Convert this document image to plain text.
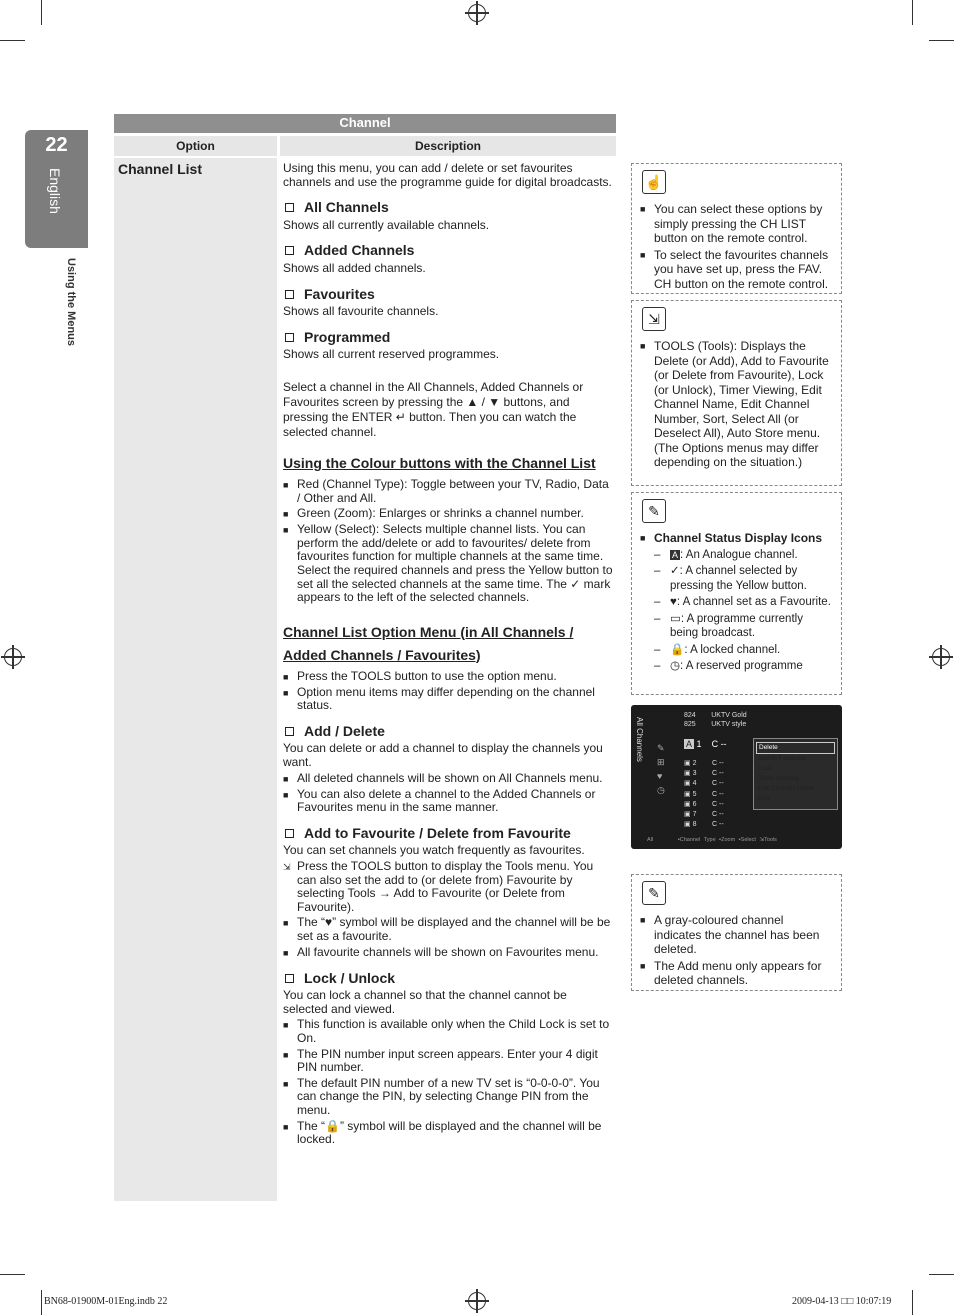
22
English
Using the Menus
Channel
Option	Description
Channel List	Using this menu, you can add / delete or set favourites channels and use the programme guide for digital broadcasts.

All Channels

Shows all currently available channels.

Added Channels

Shows all added channels.

Favourites

Shows all favourite channels.

Programmed

Shows all current reserved programmes.

Select a channel in the All Channels, Added Channels or Favourites screen by pressing the ▲ / ▼ buttons, and pressing the ENTER ↵ button. Then you can watch the selected channel.

Using the Colour buttons with the Channel List
■ Red (Channel Type): Toggle between your TV, Radio, Data / Other and All.
■ Green (Zoom): Enlarges or shrinks a channel number.
■ Yellow (Select): Selects multiple channel lists. You can perform the add/delete or add to favourites/ delete from favourites function for multiple channels at the same time. Select the required channels and press the Yellow button to set all the selected channels at the same time. The ✓ mark appears to the left of the selected channels.
Channel List Option Menu (in All Channels / Added Channels / Favourites)
■ Press the TOOLS button to use the option menu.
■ Option menu items may differ depending on the channel status.
Add / Delete

You can delete or add a channel to display the channels you want.

■ All deleted channels will be shown on All Channels menu.
■ You can also delete a channel to the Added Channels or Favourites menu in the same manner.
Add to Favourite / Delete from Favourite

You can set channels you watch frequently as favourites.

⇲ Press the TOOLS button to display the Tools menu. You can also set the add to (or delete from) Favourite by selecting Tools → Add to Favourite (or Delete from Favourite).
■ The “♥” symbol will be displayed and the channel will be be set as a favourite.
■ All favourite channels will be shown on Favourites menu.
Lock / Unlock

You can lock a channel so that the channel cannot be selected and viewed.

■ This function is available only when the Child Lock is set to On.
■ The PIN number input screen appears. Enter your 4 digit PIN number.
■ The default PIN number of a new TV set is “0-0-0-0”. You can change the PIN, by selecting Change PIN from the menu.
■ The “🔒” symbol will be displayed and the channel will be locked.
☝
■ You can select these options by simply pressing the CH LIST button on the remote control.
■ To select the favourites channels you have set up, press the FAV. CH button on the remote control.
⇲
■ TOOLS (Tools): Displays the Delete (or Add), Add to Favourite (or Delete from Favourite), Lock (or Unlock), Timer Viewing, Edit Channel Name, Edit Channel Number, Sort, Select All (or Deselect All), Auto Store menu. (The Options menus may differ depending on the situation.)
✎
■ Channel Status Display Icons
–	A : An Analogue channel.
– ✓: A channel selected by pressing the Yellow button.
– ♥: A channel set as a Favourite.
– ▭: A programme currently being broadcast.
– 🔒: A locked channel.
– ◷: A reserved programme
All Channels
824 UKTV Gold
825 UKTV style
A 1 C --
▣ 2 C --
▣ 3 C --
▣ 4 C --
▣ 5 C --
▣ 6 C --
▣ 7 C --
▣ 8 C --
✎
⊞
♥
◷
All       ▪Channel Type ▪Zoom ▪Select ⇲Tools
Delete
Add to Favourite
Lock
Timer Viewing
Edit Channel Name
Sort
✎
■ A gray-coloured channel indicates the channel has been deleted.
■ The Add menu only appears for deleted channels.
BN68-01900M-01Eng.indb 22	2009-04-13 □□ 10:07:19
